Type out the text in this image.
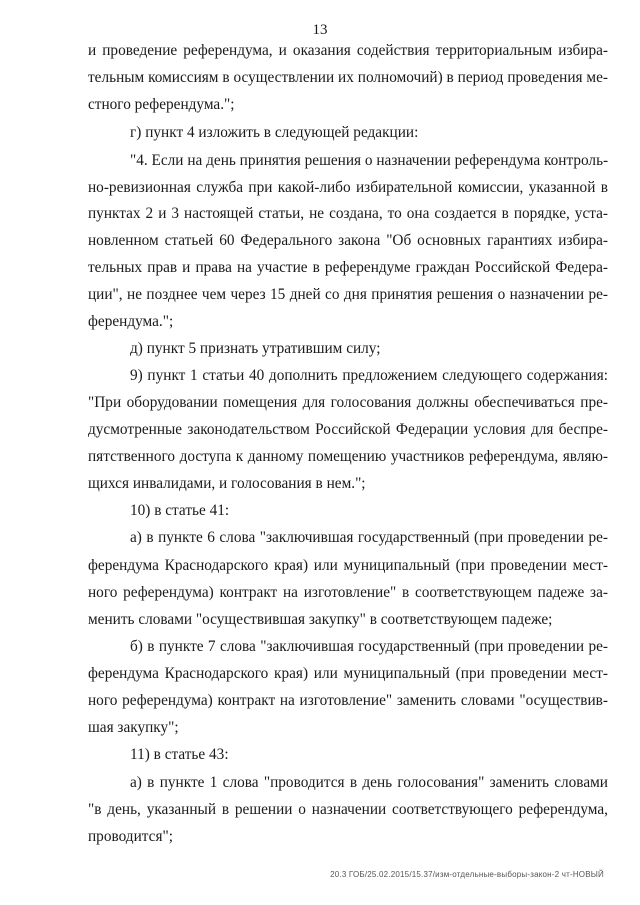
13
и проведение референдума, и оказания содействия территориальным избира-
тельным комиссиям в осуществлении их полномочий) в период проведения ме-
стного референдума.";
г) пункт 4 изложить в следующей редакции:
"4. Если на день принятия решения о назначении референдума контроль-
но-ревизионная служба при какой-либо избирательной комиссии, указанной в
пунктах 2 и 3 настоящей статьи, не создана, то она создается в порядке, уста-
новленном статьей 60 Федерального закона "Об основных гарантиях избира-
тельных прав и права на участие в референдуме граждан Российской Федера-
ции", не позднее чем через 15 дней со дня принятия решения о назначении ре-
ферендума.";
д) пункт 5 признать утратившим силу;
9) пункт 1 статьи 40 дополнить предложением следующего содержания:
"При оборудовании помещения для голосования должны обеспечиваться пре-
дусмотренные законодательством Российской Федерации условия для беспре-
пятственного доступа к данному помещению участников референдума, являю-
щихся инвалидами, и голосования в нем.";
10) в статье 41:
а) в пункте 6 слова "заключившая государственный (при проведении ре-
ферендума Краснодарского края) или муниципальный (при проведении мест-
ного референдума) контракт на изготовление" в соответствующем падеже за-
менить словами "осуществившая закупку" в соответствующем падеже;
б) в пункте 7 слова "заключившая государственный (при проведении ре-
ферендума Краснодарского края) или муниципальный (при проведении мест-
ного референдума) контракт на изготовление" заменить словами "осуществив-
шая закупку";
11) в статье 43:
а) в пункте 1 слова "проводится в день голосования" заменить словами
"в день, указанный в решении о назначении соответствующего референдума,
проводится";
20.3 ГОБ/25.02.2015/15.37/изм-отдельные-выборы-закон-2 чт-НОВЫЙ
